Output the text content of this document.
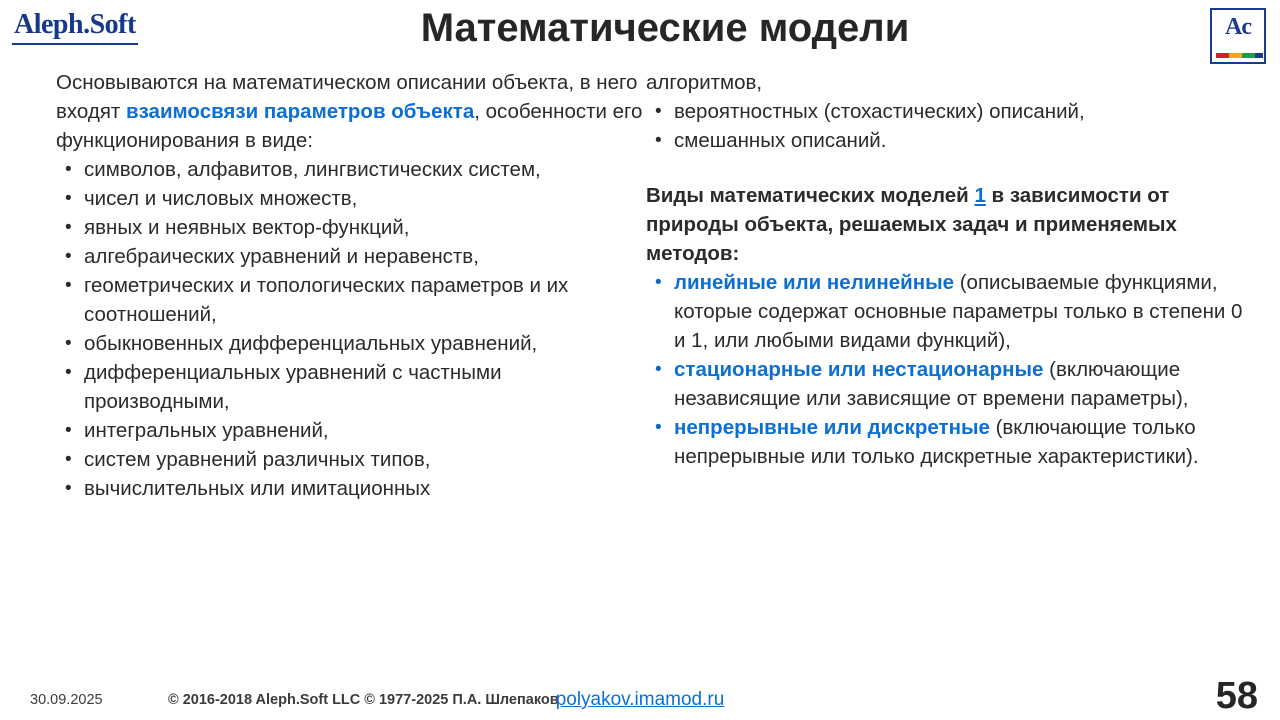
Aleph.Soft	Ac
Математические модели

Основываются на математическом описании объекта, в него входят взаимосвязи параметров объекта, особенности его функционирования в виде:

• символов, алфавитов, лингвистических систем,
• чисел и числовых множеств,
• явных и неявных вектор-функций,
• алгебраических уравнений и неравенств,
• геометрических и топологических параметров и их соотношений,
• обыкновенных дифференциальных уравнений,
• дифференциальных уравнений с частными производными,
• интегральных уравнений,
• систем уравнений различных типов,
• вычислительных или имитационных

алгоритмов,

• вероятностных (стохастических) описаний,
• смешанных описаний.

Виды математических моделей 1 в зависимости от природы объекта, решаемых задач и применяемых методов:

• линейные или нелинейные (описываемые функциями, которые содержат основные параметры только в степени 0 и 1, или любыми видами функций),
• стационарные или нестационарные (включающие независящие или зависящие от времени параметры),
• непрерывные или дискретные (включающие только непрерывные или только дискретные характеристики).
30.09.2025	© 2016-2018 Aleph.Soft LLC © 1977-2025 П.А. Шлепаков
polyakov.imamod.ru	58
